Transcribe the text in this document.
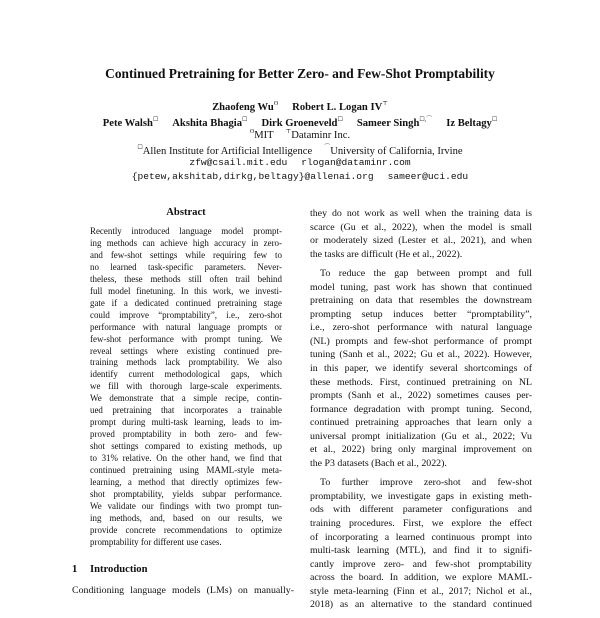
Continued Pretraining for Better Zero- and Few-Shot Promptability
Zhaofeng $Wu^ʘ$ Robert L. Logan IV⊤
Pete Walsh☐ Akshita Bhagia☐ Dirk Groeneveld☐ Sameer Singh☐,⌒ Iz Beltagy☐
$^ʘ$MIT ⊤Dataminr Inc.
☐Allen Institute for Artificial Intelligence ⌒University of California, Irvine
zfw@csail.mit.edu rlogan@dataminr.com
{petew,akshitab,dirkg,beltagy}@allenai.org sameer@uci.edu
Abstract
Recently introduced language model prompt-
ing methods can achieve high accuracy in zero-
and few-shot settings while requiring few to
no learned task-specific parameters. Never-
theless, these methods still often trail behind
full model finetuning. In this work, we investi-
gate if a dedicated continued pretraining stage
could improve “promptability”, i.e., zero-shot
performance with natural language prompts or
few-shot performance with prompt tuning. We
reveal settings where existing continued pre-
training methods lack promptability. We also
identify current methodological gaps, which
we fill with thorough large-scale experiments.
We demonstrate that a simple recipe, contin-
ued pretraining that incorporates a trainable
prompt during multi-task learning, leads to im-
proved promptability in both zero- and few-
shot settings compared to existing methods, up
to 31% relative. On the other hand, we find that
continued pretraining using MAML-style meta-
learning, a method that directly optimizes few-
shot promptability, yields subpar performance.
We validate our findings with two prompt tun-
ing methods, and, based on our results, we
provide concrete recommendations to optimize
promptability for different use cases.
1 Introduction
Conditioning language models (LMs) on manually-
they do not work as well when the training data is
scarce (Gu et al., 2022), when the model is small
or moderately sized (Lester et al., 2021), and when
the tasks are difficult (He et al., 2022).
To reduce the gap between prompt and full
model tuning, past work has shown that continued
pretraining on data that resembles the downstream
prompting setup induces better “promptability”,
i.e., zero-shot performance with natural language
(NL) prompts and few-shot performance of prompt
tuning (Sanh et al., 2022; Gu et al., 2022). However,
in this paper, we identify several shortcomings of
these methods. First, continued pretraining on NL
prompts (Sanh et al., 2022) sometimes causes per-
formance degradation with prompt tuning. Second,
continued pretraining approaches that learn only a
universal prompt initialization (Gu et al., 2022; Vu
et al., 2022) bring only marginal improvement on
the P3 datasets (Bach et al., 2022).
To further improve zero-shot and few-shot
promptability, we investigate gaps in existing meth-
ods with different parameter configurations and
training procedures. First, we explore the effect
of incorporating a learned continuous prompt into
multi-task learning (MTL), and find it to signifi-
cantly improve zero- and few-shot promptability
across the board. In addition, we explore MAML-
style meta-learning (Finn et al., 2017; Nichol et al.,
2018) as an alternative to the standard continued
